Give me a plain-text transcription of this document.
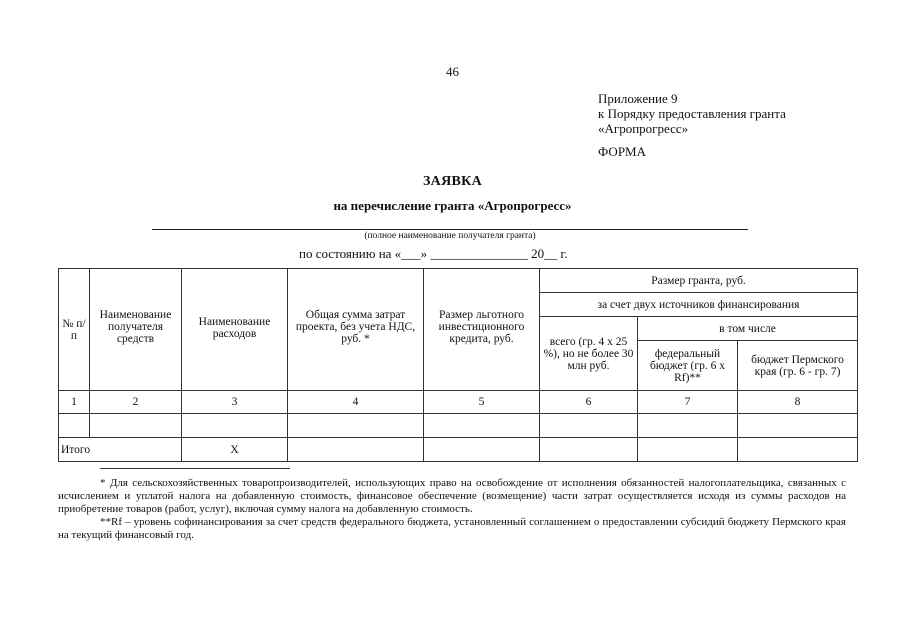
46
Приложение 9
к Порядку предоставления гранта
«Агропрогресс»
ФОРМА
ЗАЯВКА
на перечисление гранта «Агропрогресс»
(полное наименование получателя гранта)
по состоянию на «___» _______________ 20__ г.
№ п/п	Наименование получателя средств	Наименование расходов	Общая сумма затрат проекта, без учета НДС, руб. *	Размер льготного инвестиционного кредита, руб.	Размер гранта, руб.		
					за счет двух источников финансирования		
					всего (гр. 4 х 25 %), но не более 30 млн руб.	в том числе	
						федеральный бюджет (гр. 6 x Rf)**	бюджет Пермского края (гр. 6 - гр. 7)
1	2	3	4	5	6	7	8

Итого		X					

* Для сельскохозяйственных товаропроизводителей, использующих право на освобождение от исполнения обязанностей налогоплательщика, связанных с исчислением и уплатой налога на добавленную стоимость, финансовое обеспечение (возмещение) части затрат осуществляется исходя из суммы расходов на приобретение товаров (работ, услуг), включая сумму налога на добавленную стоимость.

**Rf – уровень софинансирования за счет средств федерального бюджета, установленный соглашением о предоставлении субсидий бюджету Пермского края на текущий финансовый год.
